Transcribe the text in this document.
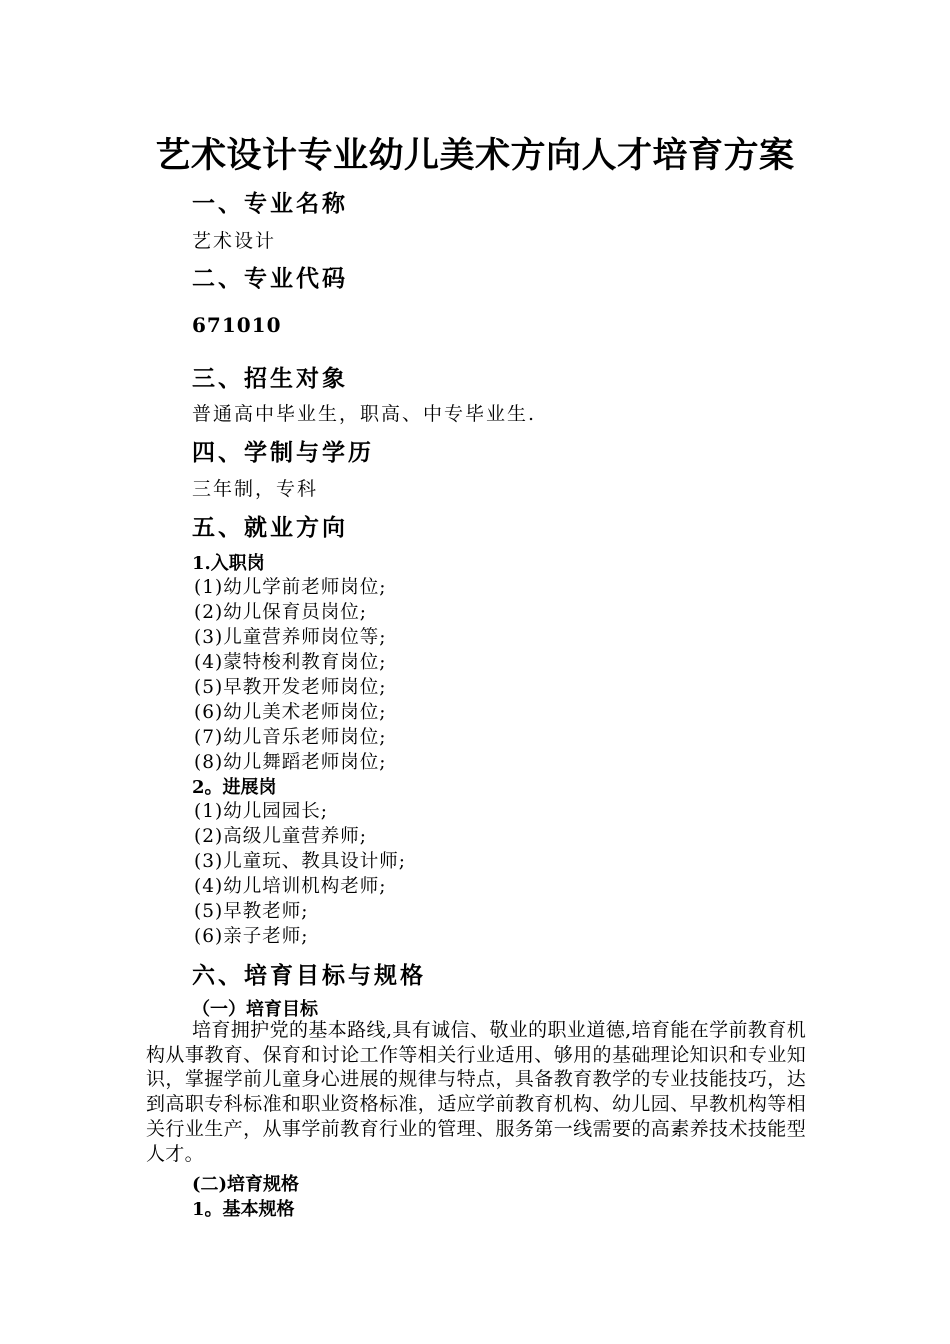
艺术设计专业幼儿美术方向人才培育方案
一、专业名称
艺术设计
二、专业代码
671010
三、招生对象
普通高中毕业生，职高、中专毕业生.
四、学制与学历
三年制，专科
五、就业方向
1.入职岗
(1)幼儿学前老师岗位;
(2)幼儿保育员岗位;
(3)儿童营养师岗位等;
(4)蒙特梭利教育岗位;
(5)早教开发老师岗位;
(6)幼儿美术老师岗位;
(7)幼儿音乐老师岗位;
(8)幼儿舞蹈老师岗位;
2。进展岗
(1)幼儿园园长;
(2)高级儿童营养师;
(3)儿童玩、教具设计师;
(4)幼儿培训机构老师;
(5)早教老师;
(6)亲子老师;
六、培育目标与规格
（一）培育目标
培育拥护党的基本路线,具有诚信、敬业的职业道德,培育能在学前教育机构从事教育、保育和讨论工作等相关行业适用、够用的基础理论知识和专业知识，掌握学前儿童身心进展的规律与特点，具备教育教学的专业技能技巧，达到高职专科标准和职业资格标准，适应学前教育机构、幼儿园、早教机构等相关行业生产，从事学前教育行业的管理、服务第一线需要的高素养技术技能型人才。
(二)培育规格
1。基本规格
